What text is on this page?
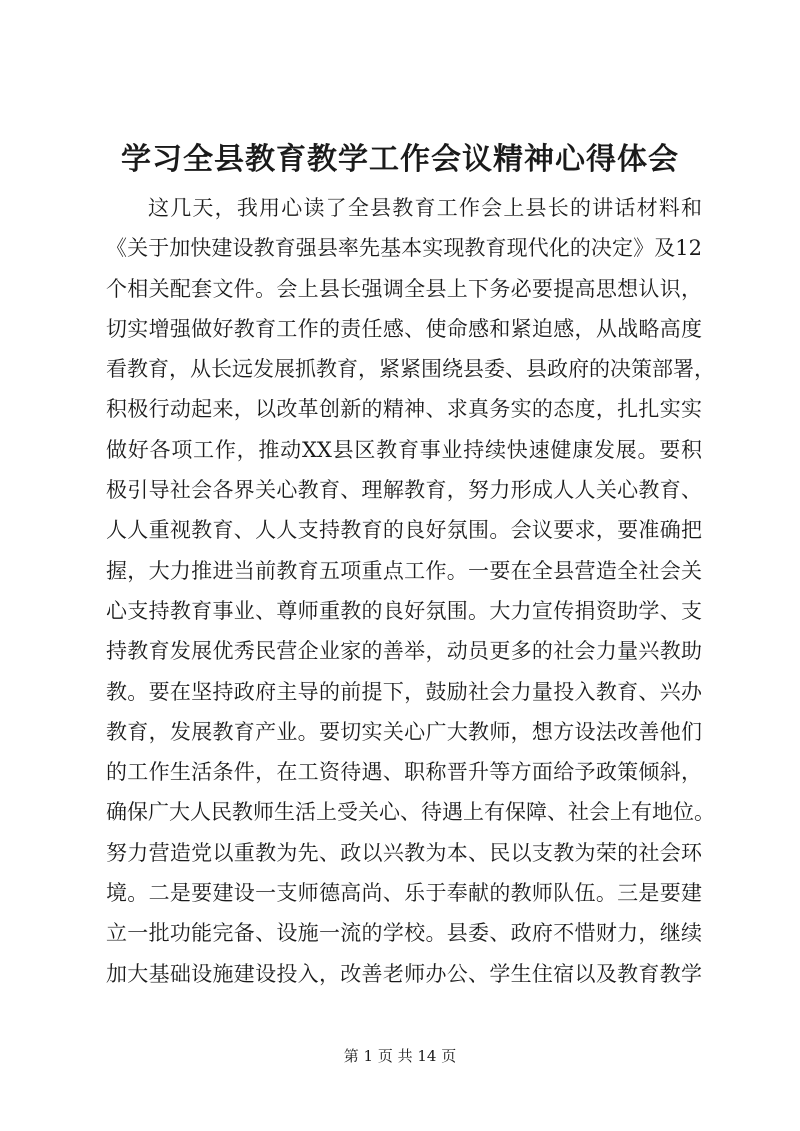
学习全县教育教学工作会议精神心得体会

这几天，我用心读了全县教育工作会上县长的讲话材料和

《关于加快建设教育强县率先基本实现教育现代化的决定》及12

个相关配套文件。会上县长强调全县上下务必要提高思想认识，

切实增强做好教育工作的责任感、使命感和紧迫感，从战略高度

看教育，从长远发展抓教育，紧紧围绕县委、县政府的决策部署，

积极行动起来，以改革创新的精神、求真务实的态度，扎扎实实

做好各项工作，推动XX县区教育事业持续快速健康发展。要积

极引导社会各界关心教育、理解教育，努力形成人人关心教育、

人人重视教育、人人支持教育的良好氛围。会议要求，要准确把

握，大力推进当前教育五项重点工作。一要在全县营造全社会关

心支持教育事业、尊师重教的良好氛围。大力宣传捐资助学、支

持教育发展优秀民营企业家的善举，动员更多的社会力量兴教助

教。要在坚持政府主导的前提下，鼓励社会力量投入教育、兴办

教育，发展教育产业。要切实关心广大教师，想方设法改善他们

的工作生活条件，在工资待遇、职称晋升等方面给予政策倾斜，

确保广大人民教师生活上受关心、待遇上有保障、社会上有地位。

努力营造党以重教为先、政以兴教为本、民以支教为荣的社会环

境。二是要建设一支师德高尚、乐于奉献的教师队伍。三是要建

立一批功能完备、设施一流的学校。县委、政府不惜财力，继续

加大基础设施建设投入，改善老师办公、学生住宿以及教育教学

第 1 页 共 14 页
